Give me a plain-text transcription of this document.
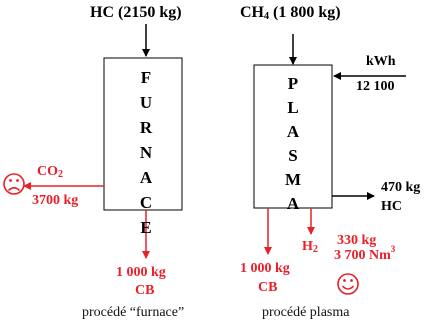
HC (2150 kg)
F
U
R
N
A
C
E
$CO_2$
3700 kg
1 000 kg
CB
procédé “furnace”
$CH_4$ (1 800 kg)
P
L
A
S
M
A
kWh
12 100
470 kg
HC
$H_2$
330 kg
3 700 Nm$^3$
1 000 kg
CB
procédé plasma
